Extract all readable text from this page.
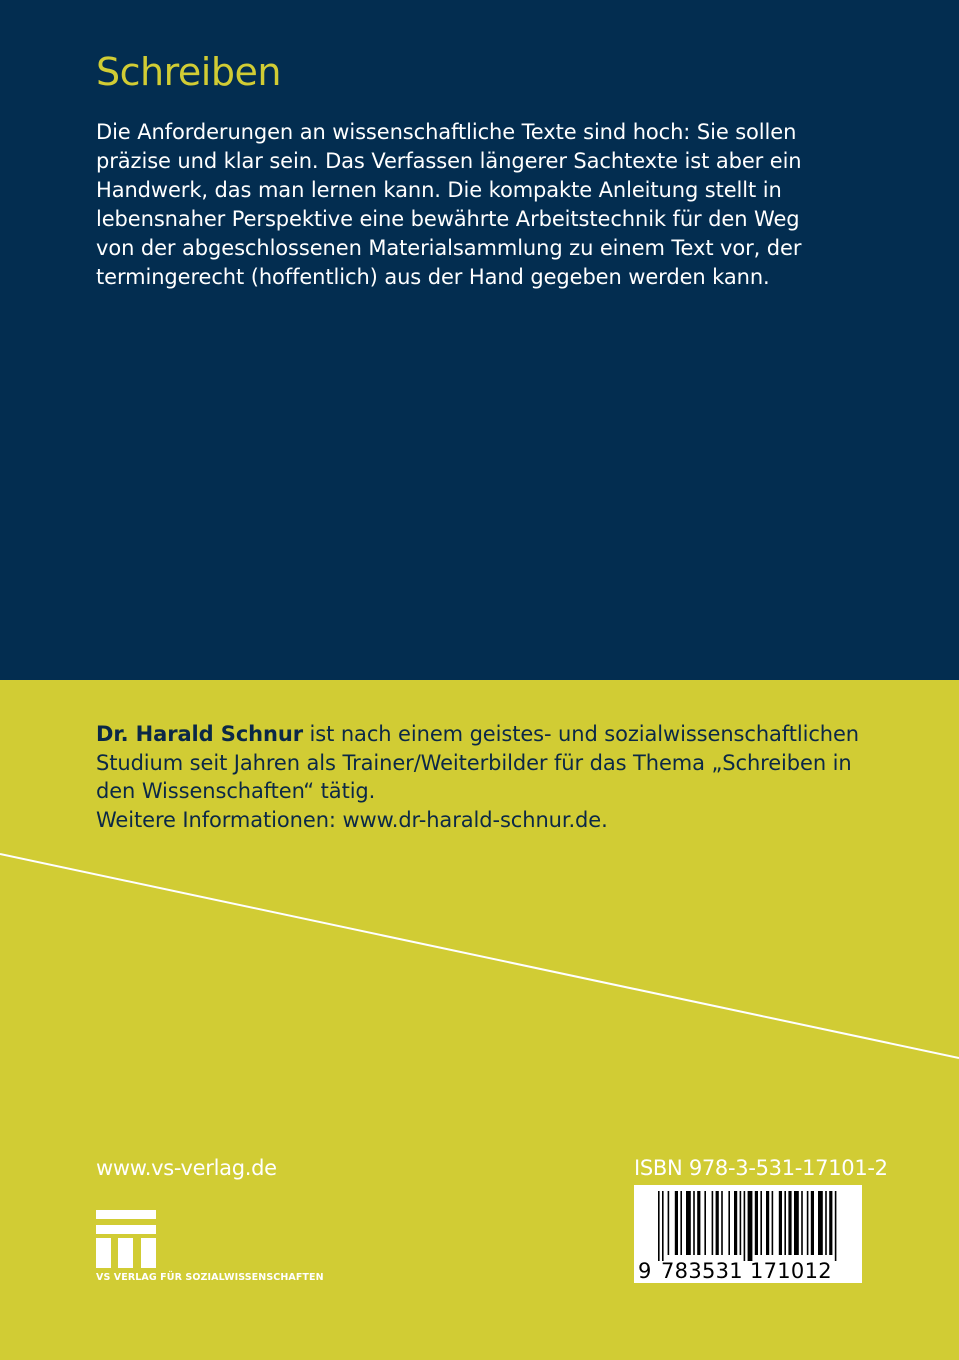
Schreiben

Die Anforderungen an wissenschaftliche Texte sind hoch: Sie sollen
präzise und klar sein. Das Verfassen längerer Sachtexte ist aber ein
Handwerk, das man lernen kann. Die kompakte Anleitung stellt in
lebensnaher Perspektive eine bewährte Arbeitstechnik für den Weg
von der abgeschlossenen Materialsammlung zu einem Text vor, der
termingerecht (hoffentlich) aus der Hand gegeben werden kann.

Dr. Harald Schnur ist nach einem geistes- und sozialwissenschaftlichen
Studium seit Jahren als Trainer/Weiterbilder für das Thema „Schreiben in
den Wissenschaften“ tätig.
Weitere Informationen: www.dr-harald-schnur.de.

www.vs-verlag.de

VS VERLAG FÜR SOZIALWISSENSCHAFTEN

ISBN 978-3-531-17101-2

9 783531 171012
